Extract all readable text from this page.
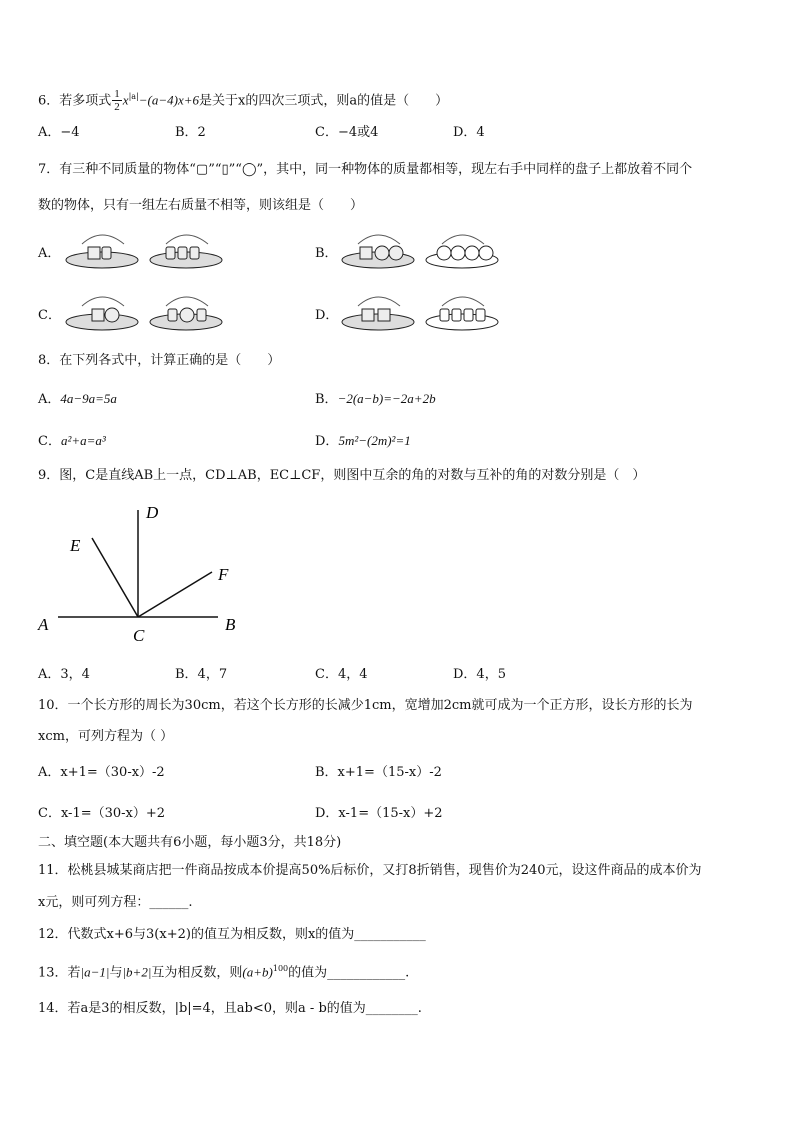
6．若多项式 $\frac{1}{2} x^{|a|}-(a-4)x+6$是关于x的四次三项式，则a的值是（　　）
A．−4	B．2	C．−4或4	D．4
7．有三种不同质量的物体“▢”“▯”“◯”，其中，同一种物体的质量都相等，现左右手中同样的盘子上都放着不同个
数的物体，只有一组左右质量不相等，则该组是（　　）
A．	B．
C．	D．
8．在下列各式中，计算正确的是（　　）
A．4a−9a=5a	B．−2(a−b)=−2a+2b
C．a²+a=a³	D．5m²−(2m)²=1
9．图，C是直线AB上一点，CD⊥AB，EC⊥CF，则图中互余的角的对数与互补的角的对数分别是（　）
D
E
F
A
C
B
A．3，4	B．4，7	C．4，4	D．4，5
10．一个长方形的周长为30cm，若这个长方形的长减少1cm，宽增加2cm就可成为一个正方形，设长方形的长为
xcm，可列方程为（ ）
A．x+1=（30-x）-2	B．x+1=（15-x）-2
C．x-1=（30-x）+2	D．x-1=（15-x）+2
二、填空题(本大题共有6小题，每小题3分，共18分)
11．松桃县城某商店把一件商品按成本价提高50%后标价，又打8折销售，现售价为240元，设这件商品的成本价为
x元，则可列方程：______.
12．代数式x+6与3(x+2)的值互为相反数，则x的值为___________
13．若|a−1|与|b+2|互为相反数，则$(a+b)^{100}$的值为____________.
14．若a是3的相反数，|b|=4，且ab<0，则a - b的值为________.
